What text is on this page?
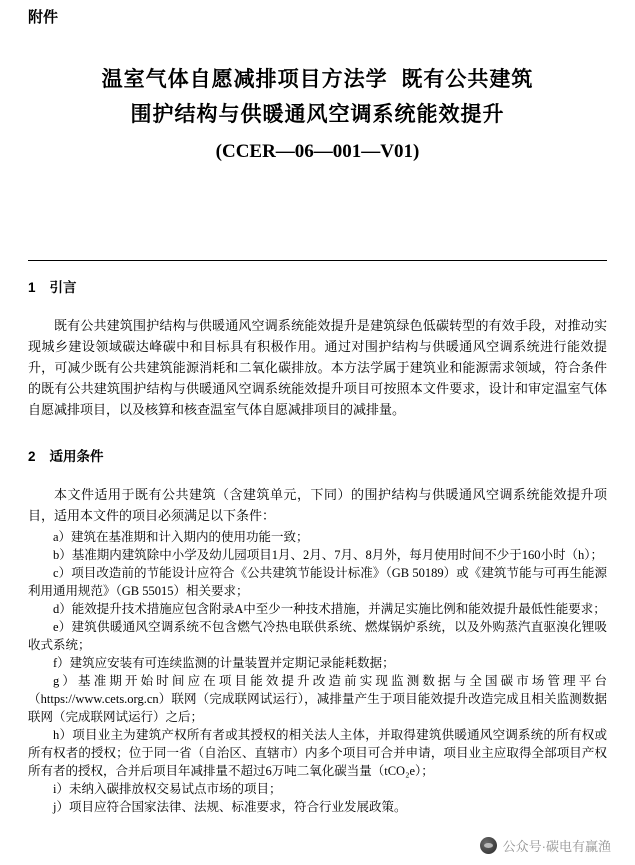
附件
温室气体自愿减排项目方法学  既有公共建筑
围护结构与供暖通风空调系统能效提升
(CCER—06—001—V01)
1 引言

既有公共建筑围护结构与供暖通风空调系统能效提升是建筑绿色低碳转型的有效手段，对推动实现城乡建设领域碳达峰碳中和目标具有积极作用。通过对围护结构与供暖通风空调系统进行能效提升，可减少既有公共建筑能源消耗和二氧化碳排放。本方法学属于建筑业和能源需求领域，符合条件的既有公共建筑围护结构与供暖通风空调系统能效提升项目可按照本文件要求，设计和审定温室气体自愿减排项目，以及核算和核查温室气体自愿减排项目的减排量。

2 适用条件

本文件适用于既有公共建筑（含建筑单元，下同）的围护结构与供暖通风空调系统能效提升项目，适用本文件的项目必须满足以下条件：

a）建筑在基准期和计入期内的使用功能一致；

b）基准期内建筑除中小学及幼儿园项目1月、2月、7月、8月外，每月使用时间不少于160小时（h）；

c）项目改造前的节能设计应符合《公共建筑节能设计标准》（GB 50189）或《建筑节能与可再生能源利用通用规范》（GB 55015）相关要求；

d）能效提升技术措施应包含附录A中至少一种技术措施，并满足实施比例和能效提升最低性能要求；

e）建筑供暖通风空调系统不包含燃气冷热电联供系统、燃煤锅炉系统，以及外购蒸汽直驱溴化锂吸收式系统；

f）建筑应安装有可连续监测的计量装置并定期记录能耗数据；

g）基准期开始时间应在项目能效提升改造前实现监测数据与全国碳市场管理平台（https://www.cets.org.cn）联网（完成联网试运行），减排量产生于项目能效提升改造完成且相关监测数据联网（完成联网试运行）之后；

h）项目业主为建筑产权所有者或其授权的相关法人主体，并取得建筑供暖通风空调系统的所有权或所有权者的授权；位于同一省（自治区、直辖市）内多个项目可合并申请，项目业主应取得全部项目产权所有者的授权，合并后项目年减排量不超过6万吨二氧化碳当量（tCO₂e）；

i）未纳入碳排放权交易试点市场的项目；

j）项目应符合国家法律、法规、标准要求，符合行业发展政策。

公众号·碳电有赢渔
